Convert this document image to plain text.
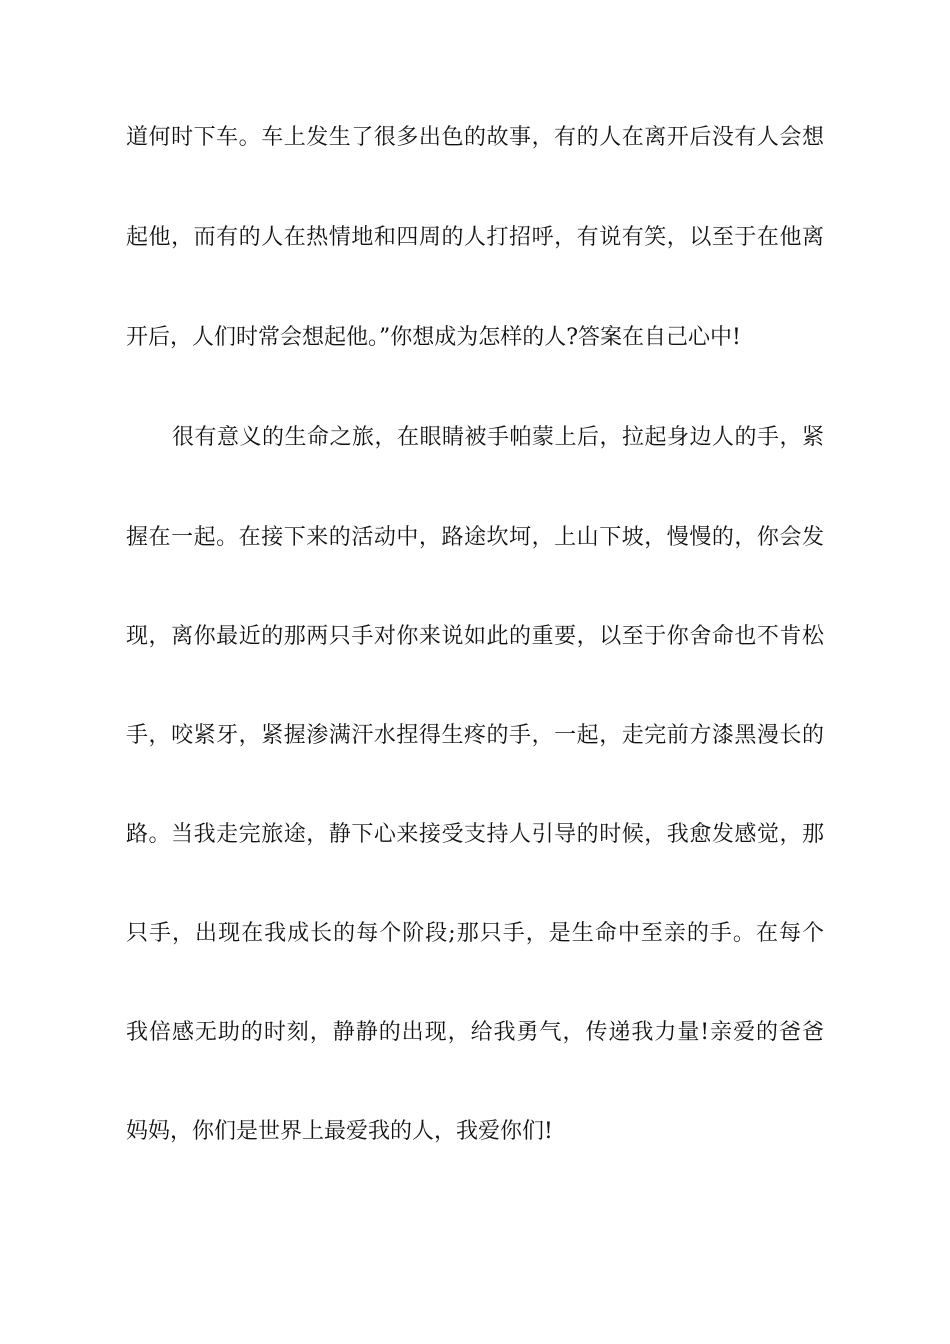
道何时下车。车上发生了很多出色的故事，有的人在离开后没有人会想
起他，而有的人在热情地和四周的人打招呼，有说有笑，以至于在他离
开后，人们时常会想起他。”你想成为怎样的人?答案在自己心中!
很有意义的生命之旅，在眼睛被手帕蒙上后，拉起身边人的手，紧
握在一起。在接下来的活动中，路途坎坷，上山下坡，慢慢的，你会发
现，离你最近的那两只手对你来说如此的重要，以至于你舍命也不肯松
手，咬紧牙，紧握渗满汗水捏得生疼的手，一起，走完前方漆黑漫长的
路。当我走完旅途，静下心来接受支持人引导的时候，我愈发感觉，那
只手，出现在我成长的每个阶段;那只手，是生命中至亲的手。在每个
我倍感无助的时刻，静静的出现，给我勇气，传递我力量!亲爱的爸爸
妈妈，你们是世界上最爱我的人，我爱你们!
